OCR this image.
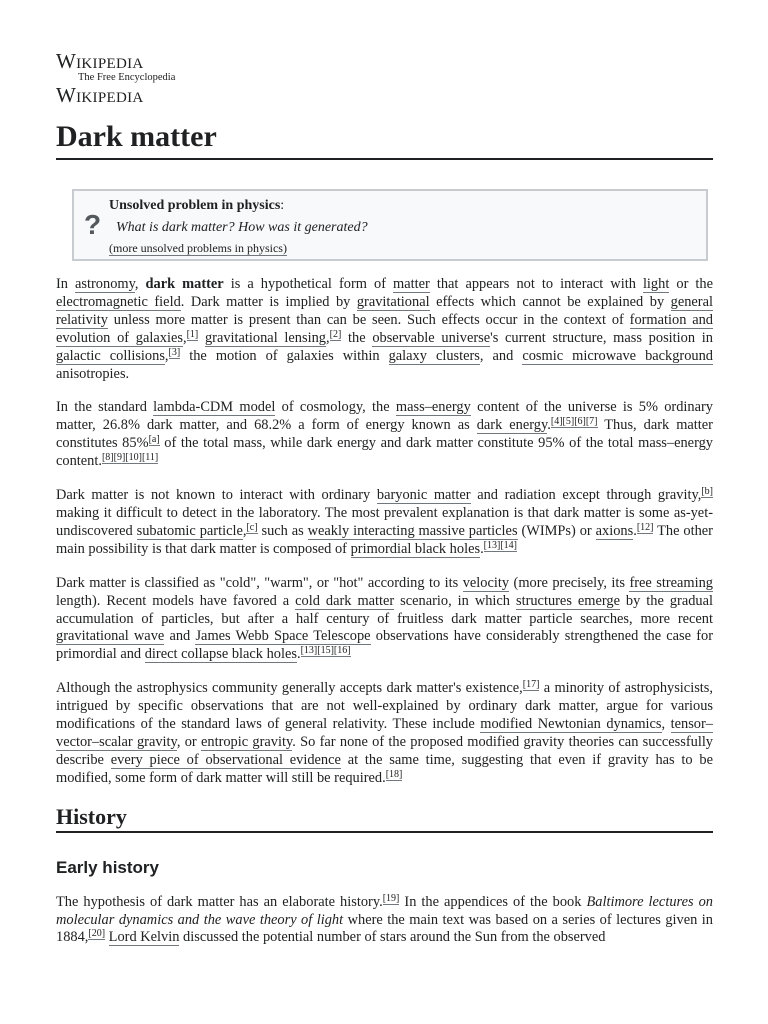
Wikipedia
The Free Encyclopedia
Wikipedia
Dark matter
?
Unsolved problem in physics:
What is dark matter? How was it generated?
(more unsolved problems in physics)

In astronomy, dark matter is a hypothetical form of matter that appears not to interact with light or the electromagnetic field. Dark matter is implied by gravitational effects which cannot be explained by general relativity unless more matter is present than can be seen. Such effects occur in the context of formation and evolution of galaxies,[1] gravitational lensing,[2] the observable universe's current structure, mass position in galactic collisions,[3] the motion of galaxies within galaxy clusters, and cosmic microwave background anisotropies.

In the standard lambda-CDM model of cosmology, the mass–energy content of the universe is 5% ordinary matter, 26.8% dark matter, and 68.2% a form of energy known as dark energy.[4][5][6][7] Thus, dark matter constitutes 85%[a] of the total mass, while dark energy and dark matter constitute 95% of the total mass–energy content.[8][9][10][11]

Dark matter is not known to interact with ordinary baryonic matter and radiation except through gravity,[b] making it difficult to detect in the laboratory. The most prevalent explanation is that dark matter is some as-yet-undiscovered subatomic particle,[c] such as weakly interacting massive particles (WIMPs) or axions.[12] The other main possibility is that dark matter is composed of primordial black holes.[13][14]

Dark matter is classified as "cold", "warm", or "hot" according to its velocity (more precisely, its free streaming length). Recent models have favored a cold dark matter scenario, in which structures emerge by the gradual accumulation of particles, but after a half century of fruitless dark matter particle searches, more recent gravitational wave and James Webb Space Telescope observations have considerably strengthened the case for primordial and direct collapse black holes.[13][15][16]

Although the astrophysics community generally accepts dark matter's existence,[17] a minority of astrophysicists, intrigued by specific observations that are not well-explained by ordinary dark matter, argue for various modifications of the standard laws of general relativity. These include modified Newtonian dynamics, tensor–vector–scalar gravity, or entropic gravity. So far none of the proposed modified gravity theories can successfully describe every piece of observational evidence at the same time, suggesting that even if gravity has to be modified, some form of dark matter will still be required.[18]

History
Early history

The hypothesis of dark matter has an elaborate history.[19] In the appendices of the book Baltimore lectures on molecular dynamics and the wave theory of light where the main text was based on a series of lectures given in 1884,[20] Lord Kelvin discussed the potential number of stars around the Sun from the observed
